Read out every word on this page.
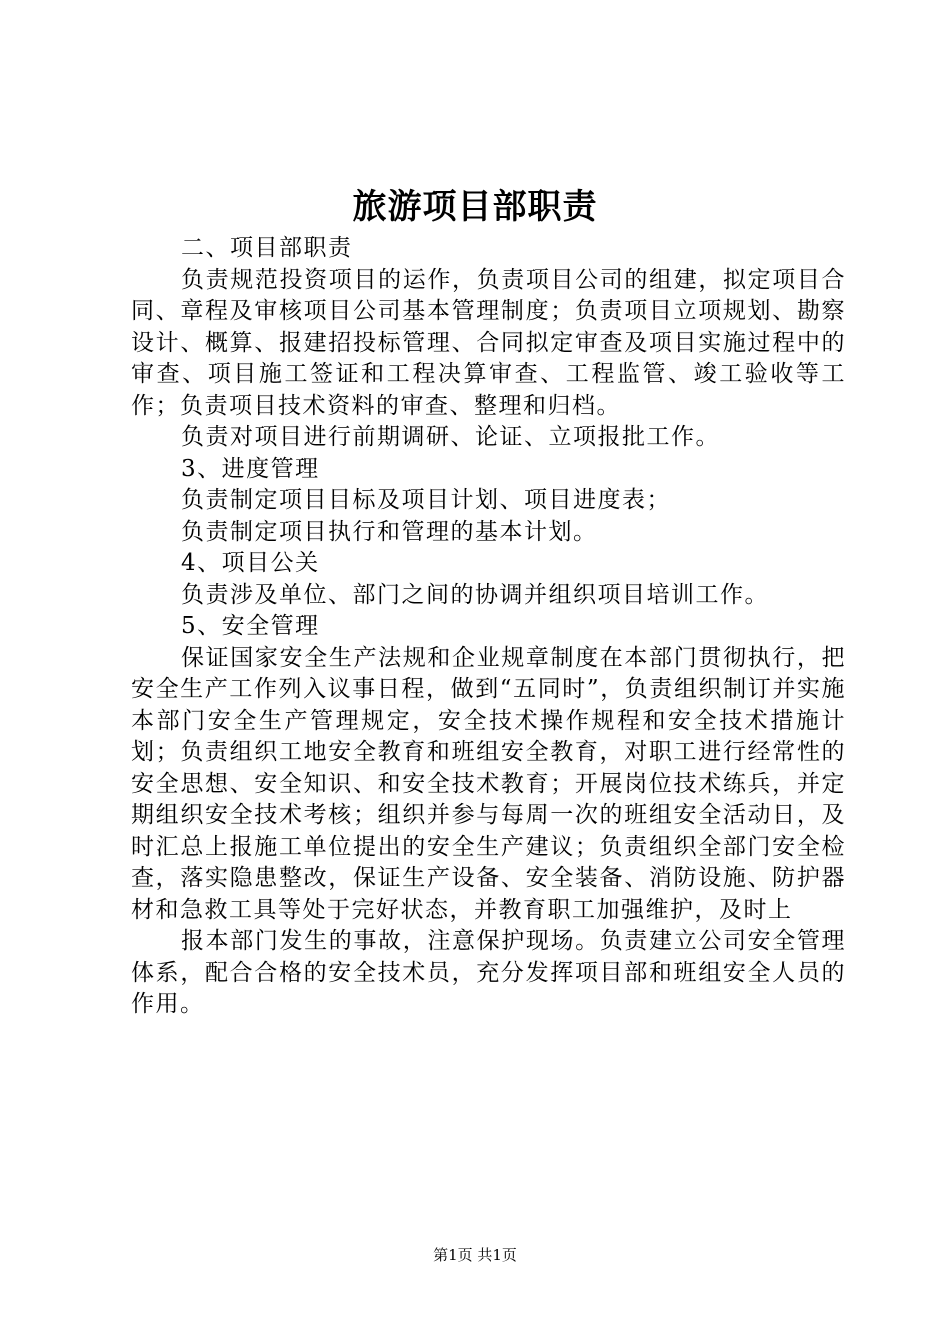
旅游项目部职责

二、项目部职责

负责规范投资项目的运作，负责项目公司的组建，拟定项目合同、章程及审核项目公司基本管理制度；负责项目立项规划、勘察设计、概算、报建招投标管理、合同拟定审查及项目实施过程中的审查、项目施工签证和工程决算审查、工程监管、竣工验收等工作；负责项目技术资料的审查、整理和归档。

负责对项目进行前期调研、论证、立项报批工作。

3、进度管理

负责制定项目目标及项目计划、项目进度表；

负责制定项目执行和管理的基本计划。

4、项目公关

负责涉及单位、部门之间的协调并组织项目培训工作。

5、安全管理

保证国家安全生产法规和企业规章制度在本部门贯彻执行，把安全生产工作列入议事日程，做到“五同时”，负责组织制订并实施本部门安全生产管理规定，安全技术操作规程和安全技术措施计划；负责组织工地安全教育和班组安全教育，对职工进行经常性的安全思想、安全知识、和安全技术教育；开展岗位技术练兵，并定期组织安全技术考核；组织并参与每周一次的班组安全活动日，及时汇总上报施工单位提出的安全生产建议；负责组织全部门安全检查，落实隐患整改，保证生产设备、安全装备、消防设施、防护器材和急救工具等处于完好状态，并教育职工加强维护，及时上

报本部门发生的事故，注意保护现场。负责建立公司安全管理体系，配合合格的安全技术员，充分发挥项目部和班组安全人员的作用。

第1页 共1页
